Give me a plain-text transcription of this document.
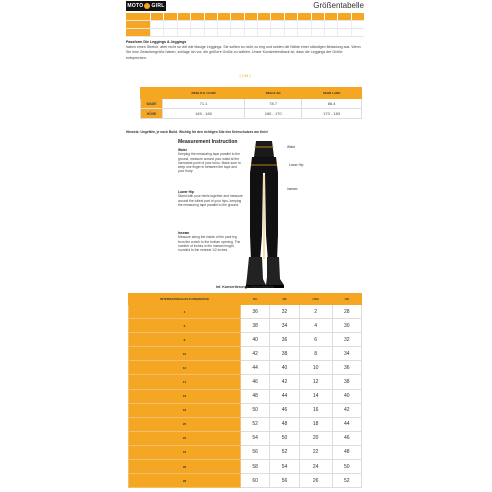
MOTO GIRL	Größentabelle
Passform Die Leggings & Jeggings
haben einen Stretch, aber nicht so viel wie lässige Leggings. Sie sollten so nicht zu eng und seiden die Nähte einer ständigen Belastung aus. Wenn Sie eine Zwischengröße haben, schlage ich vor, die größere Größe zu wählen. Unser Kundenfeedback ist, dass die Leggings der Größe entsprechen.
( CM )
	ZIERLICH / KURZ	REGULÄR	SEHR LANG
WADE	71.1	78.7	86.4
HÖHE	145 - 160	160 - 170	170 - 183
Hinweis: Ungefähr, je nach Build. Wichtig für den richtigen Sitz des Knieschutzes am Knie!
Measurement Instruction
Waist
Keeping the measuring tape parallel to the ground, measure around your waist at the narrowest point of your torso. Make sure to keep one finger in between the tape and your body.
Lower Hip
Stand with your heels together and measure around the fullest part of your hips, keeping the measuring tape parallel to the ground.
Inseam
Measure along the inside of the pant leg from the crotch to the bottom opening. The number of inches is the inseam length, rounded to the nearest 1/2 inches.
Waist
Lower Hip
Inseam
Inf. Konvertierungs-Größentabelle
INTERNATIONALES KONGRESCB	EU	FR	USA	UK
4	36	32	2	28
6	38	34	4	30
8	40	36	6	32
10	42	38	8	34
12	44	40	10	36
14	46	42	12	38
16	48	44	14	40
18	50	46	16	42
20	52	48	18	44
22	54	50	20	46
24	56	52	22	48
26	58	54	24	50
28	60	56	26	52
